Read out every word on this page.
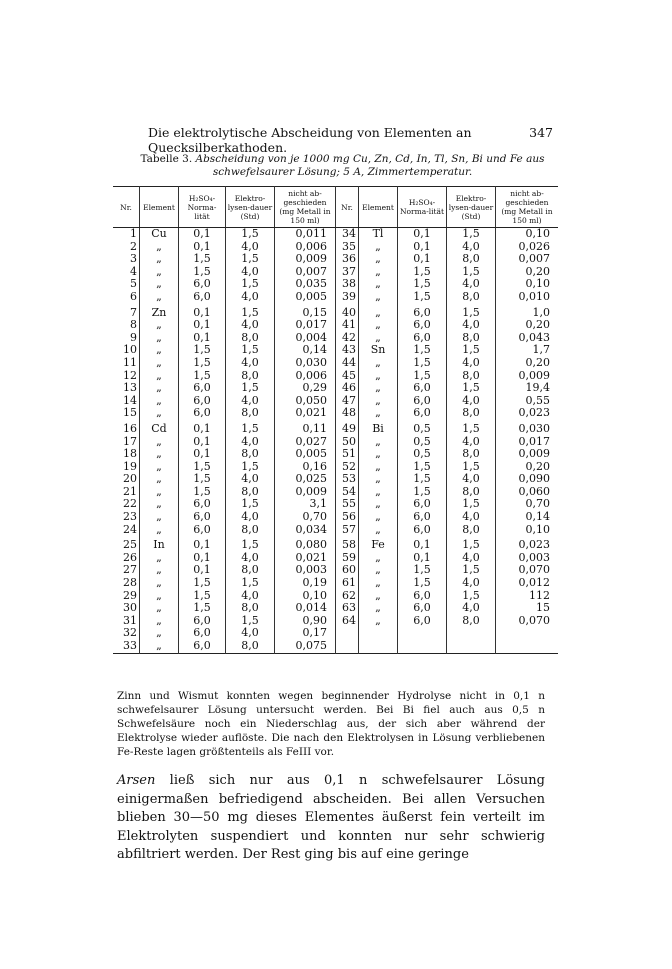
Die elektrolytische Abscheidung von Elementen an Quecksilberkathoden.
347
Tabelle 3. Abscheidung von je 1000 mg Cu, Zn, Cd, In, Tl, Sn, Bi und Fe aus schwefelsaurer Lösung; 5 A, Zimmertemperatur.
Nr.	Element	H₂SO₄-Norma-lität	Elektro-lysen-dauer (Std)	nicht ab-geschieden (mg Metall in 150 ml)	Nr.	Element	H₂SO₄-Norma-lität	Elektro-lysen-dauer (Std)	nicht ab-geschieden (mg Metall in 150 ml)
1	Cu	0,1	1,5	0,011	34	Tl	0,1	1,5	0,10
2	„	0,1	4,0	0,006	35	„	0,1	4,0	0,026
3	„	1,5	1,5	0,009	36	„	0,1	8,0	0,007
4	„	1,5	4,0	0,007	37	„	1,5	1,5	0,20
5	„	6,0	1,5	0,035	38	„	1,5	4,0	0,10
6	„	6,0	4,0	0,005	39	„	1,5	8,0	0,010
7	Zn	0,1	1,5	0,15	40	„	6,0	1,5	1,0
8	„	0,1	4,0	0,017	41	„	6,0	4,0	0,20
9	„	0,1	8,0	0,004	42	„	6,0	8,0	0,043
10	„	1,5	1,5	0,14	43	Sn	1,5	1,5	1,7
11	„	1,5	4,0	0,030	44	„	1,5	4,0	0,20
12	„	1,5	8,0	0,006	45	„	1,5	8,0	0,009
13	„	6,0	1,5	0,29	46	„	6,0	1,5	19,4
14	„	6,0	4,0	0,050	47	„	6,0	4,0	0,55
15	„	6,0	8,0	0,021	48	„	6,0	8,0	0,023
16	Cd	0,1	1,5	0,11	49	Bi	0,5	1,5	0,030
17	„	0,1	4,0	0,027	50	„	0,5	4,0	0,017
18	„	0,1	8,0	0,005	51	„	0,5	8,0	0,009
19	„	1,5	1,5	0,16	52	„	1,5	1,5	0,20
20	„	1,5	4,0	0,025	53	„	1,5	4,0	0,090
21	„	1,5	8,0	0,009	54	„	1,5	8,0	0,060
22	„	6,0	1,5	3,1	55	„	6,0	1,5	0,70
23	„	6,0	4,0	0,70	56	„	6,0	4,0	0,14
24	„	6,0	8,0	0,034	57	„	6,0	8,0	0,10
25	In	0,1	1,5	0,080	58	Fe	0,1	1,5	0,023
26	„	0,1	4,0	0,021	59	„	0,1	4,0	0,003
27	„	0,1	8,0	0,003	60	„	1,5	1,5	0,070
28	„	1,5	1,5	0,19	61	„	1,5	4,0	0,012
29	„	1,5	4,0	0,10	62	„	6,0	1,5	112
30	„	1,5	8,0	0,014	63	„	6,0	4,0	15
31	„	6,0	1,5	0,90	64	„	6,0	8,0	0,070
32	„	6,0	4,0	0,17					
33	„	6,0	8,0	0,075					
Zinn und Wismut konnten wegen beginnender Hydrolyse nicht in 0,1 n schwefelsaurer Lösung untersucht werden. Bei Bi fiel auch aus 0,5 n Schwefelsäure noch ein Niederschlag aus, der sich aber während der Elektrolyse wieder auflöste. Die nach den Elektrolysen in Lösung verbliebenen Fe-Reste lagen größtenteils als FeIII vor.
Arsen ließ sich nur aus 0,1 n schwefelsaurer Lösung einigermaßen befriedigend abscheiden. Bei allen Versuchen blieben 30—50 mg dieses Elementes äußerst fein verteilt im Elektrolyten suspendiert und konnten nur sehr schwierig abfiltriert werden. Der Rest ging bis auf eine geringe
